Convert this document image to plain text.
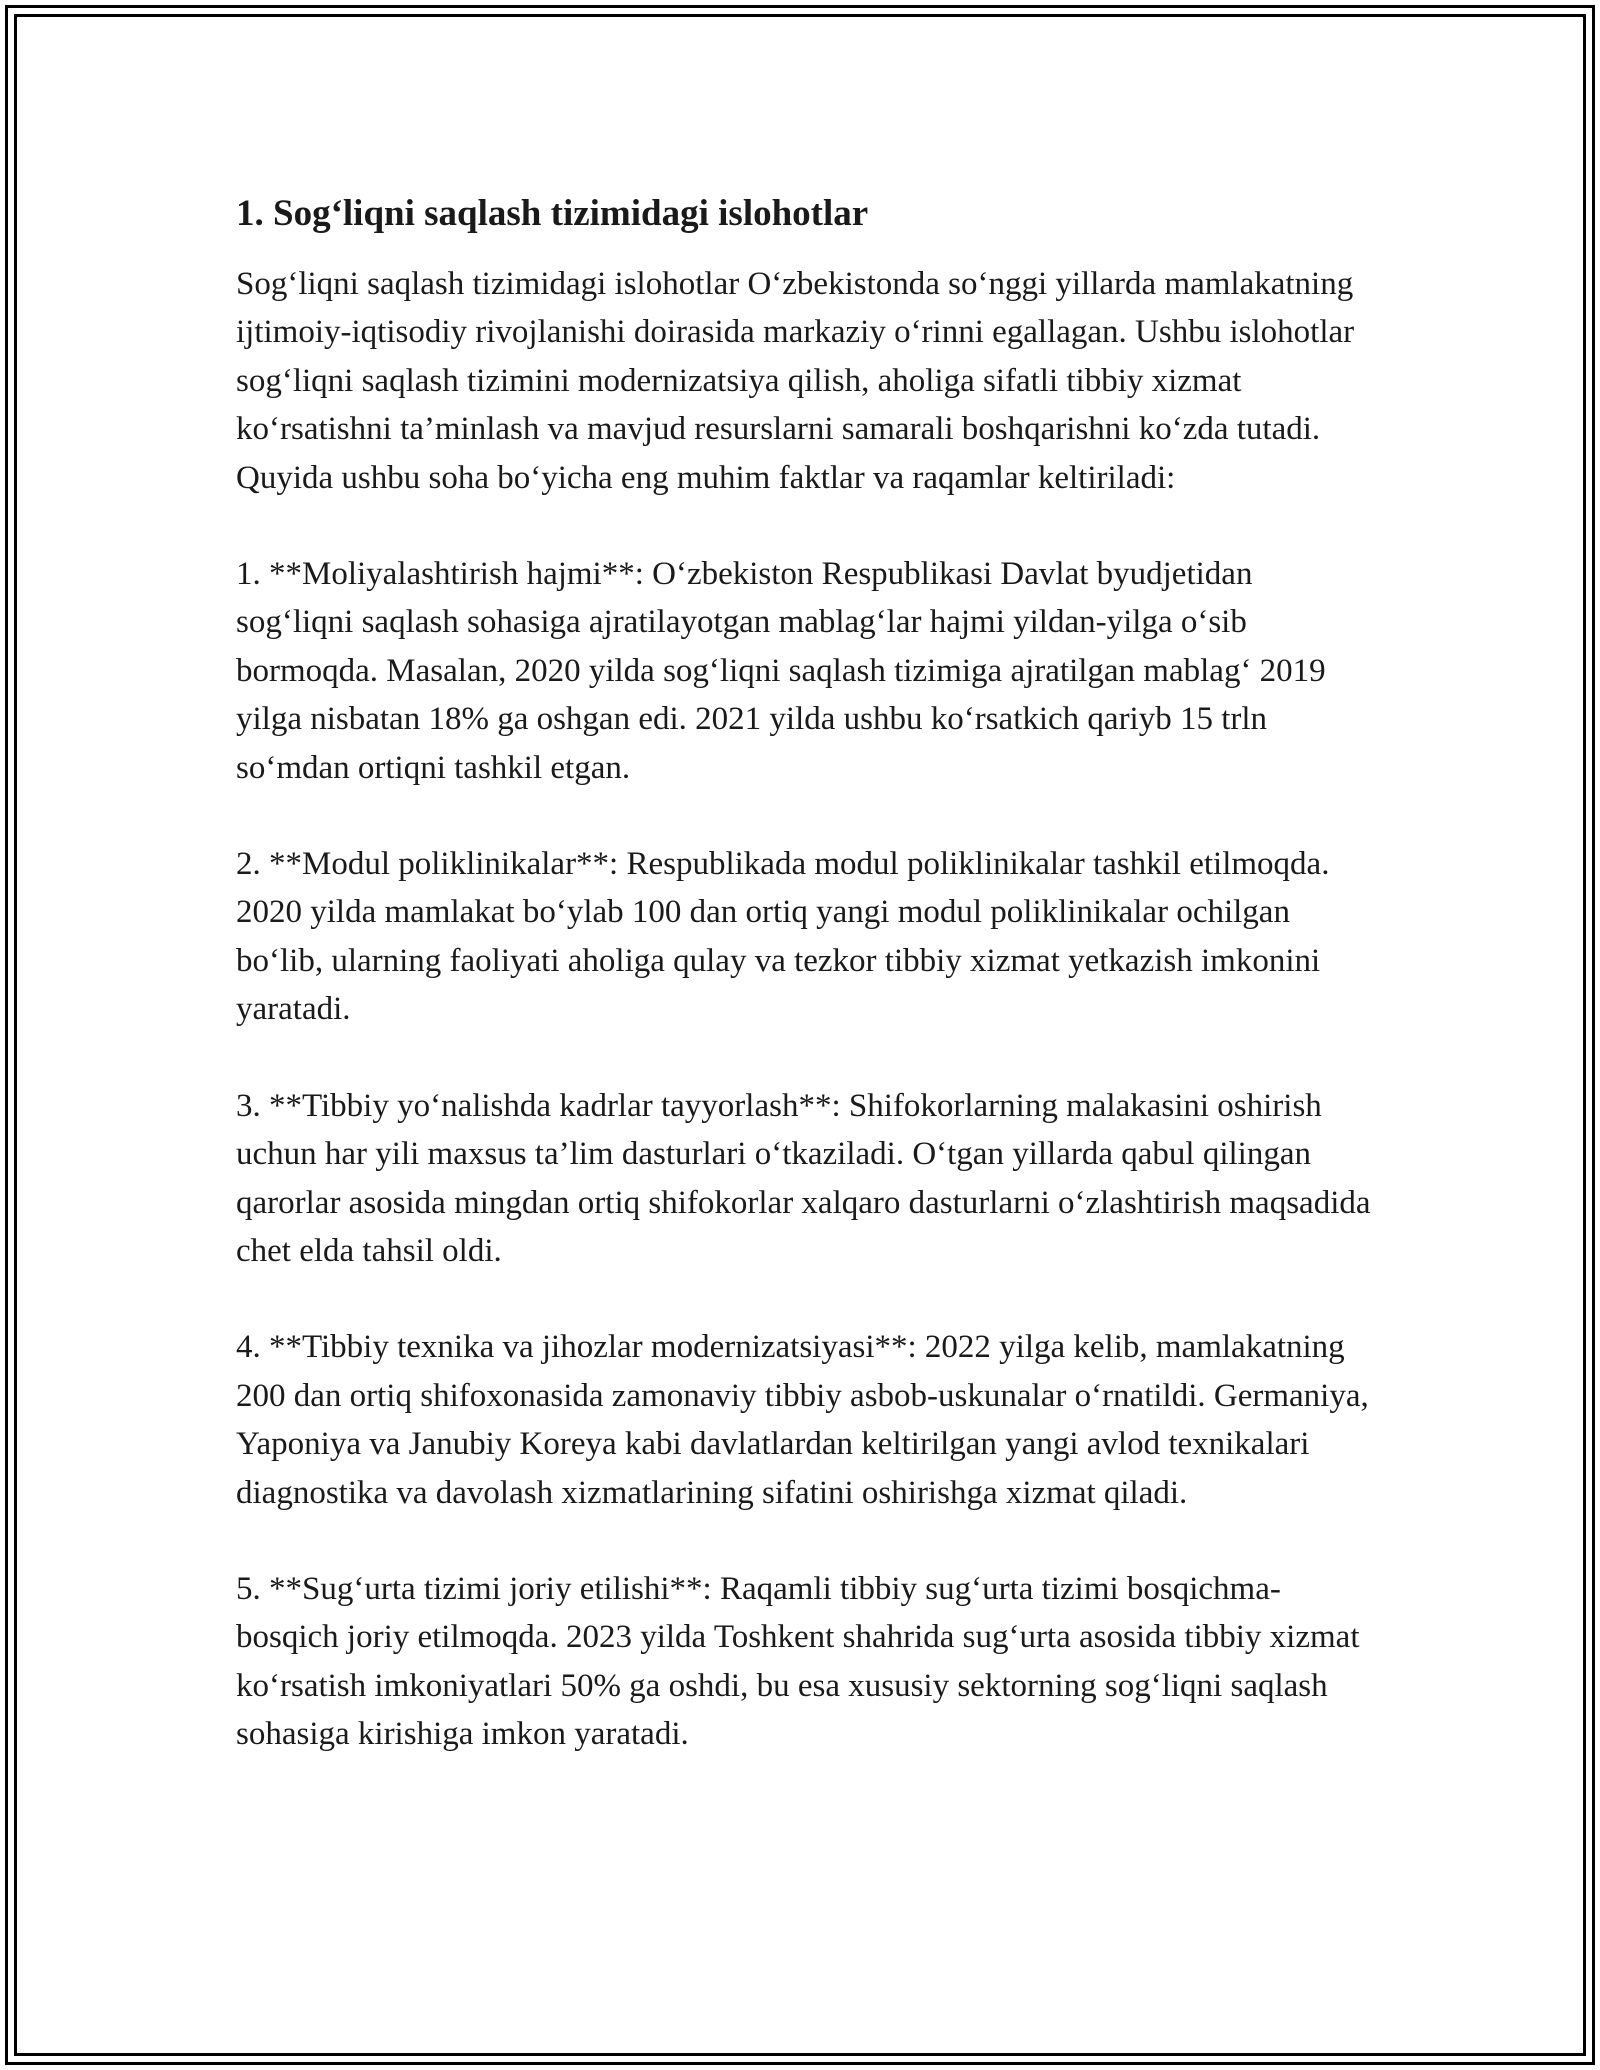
1. Sog‘liqni saqlash tizimidagi islohotlar

Sog‘liqni saqlash tizimidagi islohotlar O‘zbekistonda so‘nggi yillarda mamlakatning ijtimoiy-iqtisodiy rivojlanishi doirasida markaziy o‘rinni egallagan. Ushbu islohotlar sog‘liqni saqlash tizimini modernizatsiya qilish, aholiga sifatli tibbiy xizmat ko‘rsatishni ta’minlash va mavjud resurslarni samarali boshqarishni ko‘zda tutadi. Quyida ushbu soha bo‘yicha eng muhim faktlar va raqamlar keltiriladi:

1. **Moliyalashtirish hajmi**: O‘zbekiston Respublikasi Davlat byudjetidan sog‘liqni saqlash sohasiga ajratilayotgan mablag‘lar hajmi yildan-yilga o‘sib bormoqda. Masalan, 2020 yilda sog‘liqni saqlash tizimiga ajratilgan mablag‘ 2019 yilga nisbatan 18% ga oshgan edi. 2021 yilda ushbu ko‘rsatkich qariyb 15 trln so‘mdan ortiqni tashkil etgan.

2. **Modul poliklinikalar**: Respublikada modul poliklinikalar tashkil etilmoqda. 2020 yilda mamlakat bo‘ylab 100 dan ortiq yangi modul poliklinikalar ochilgan bo‘lib, ularning faoliyati aholiga qulay va tezkor tibbiy xizmat yetkazish imkonini yaratadi.

3. **Tibbiy yo‘nalishda kadrlar tayyorlash**: Shifokorlarning malakasini oshirish uchun har yili maxsus ta’lim dasturlari o‘tkaziladi. O‘tgan yillarda qabul qilingan qarorlar asosida mingdan ortiq shifokorlar xalqaro dasturlarni o‘zlashtirish maqsadida chet elda tahsil oldi.

4. **Tibbiy texnika va jihozlar modernizatsiyasi**: 2022 yilga kelib, mamlakatning 200 dan ortiq shifoxonasida zamonaviy tibbiy asbob-uskunalar o‘rnatildi. Germaniya, Yaponiya va Janubiy Koreya kabi davlatlardan keltirilgan yangi avlod texnikalari diagnostika va davolash xizmatlarining sifatini oshirishga xizmat qiladi.

5. **Sug‘urta tizimi joriy etilishi**: Raqamli tibbiy sug‘urta tizimi bosqichma-bosqich joriy etilmoqda. 2023 yilda Toshkent shahrida sug‘urta asosida tibbiy xizmat ko‘rsatish imkoniyatlari 50% ga oshdi, bu esa xususiy sektorning sog‘liqni saqlash sohasiga kirishiga imkon yaratadi.
